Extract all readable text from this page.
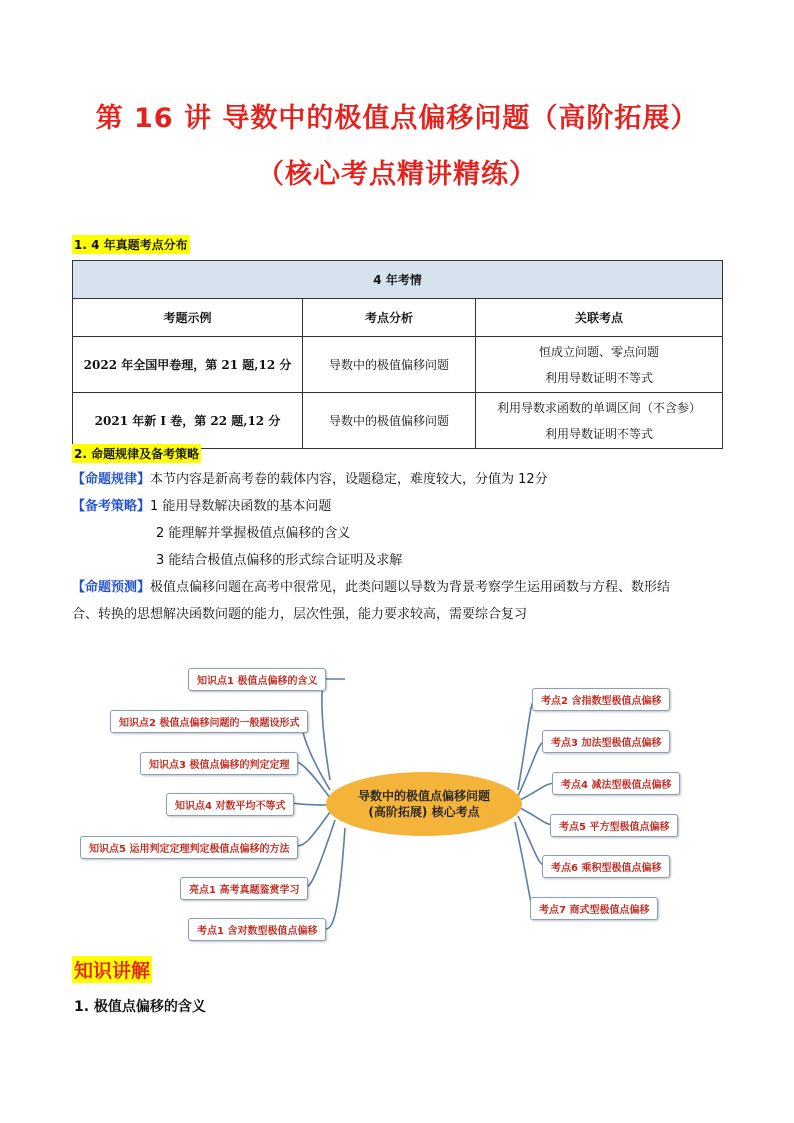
第 16 讲 导数中的极值点偏移问题（高阶拓展）
（核心考点精讲精练）
1. 4 年真题考点分布
4 年考情		
考题示例	考点分析	关联考点
2022 年全国甲卷理，第 21 题,12 分	导数中的极值偏移问题	恒成立问题、零点问题
利用导数证明不等式

2021 年新 I 卷，第 22 题,12 分	导数中的极值偏移问题	利用导数求函数的单调区间（不含参）
利用导数证明不等式
2. 命题规律及备考策略
【命题规律】本节内容是新高考卷的载体内容，设题稳定，难度较大，分值为 12分
【备考策略】1 能用导数解决函数的基本问题
2 能理解并掌握极值点偏移的含义
3 能结合极值点偏移的形式综合证明及求解
【命题预测】极值点偏移问题在高考中很常见，此类问题以导数为背景考察学生运用函数与方程、数形结
合、转换的思想解决函数问题的能力，层次性强，能力要求较高，需要综合复习
导数中的极值点偏移问题
(高阶拓展) 核心考点
知识点1 极值点偏移的含义
知识点2 极值点偏移问题的一般题设形式
知识点3 极值点偏移的判定定理
知识点4 对数平均不等式
知识点5 运用判定定理判定极值点偏移的方法
亮点1 高考真题鉴赏学习
考点1 含对数型极值点偏移
考点2 含指数型极值点偏移
考点3 加法型极值点偏移
考点4 减法型极值点偏移
考点5 平方型极值点偏移
考点6 乘积型极值点偏移
考点7 商式型极值点偏移
知识讲解
1. 极值点偏移的含义
